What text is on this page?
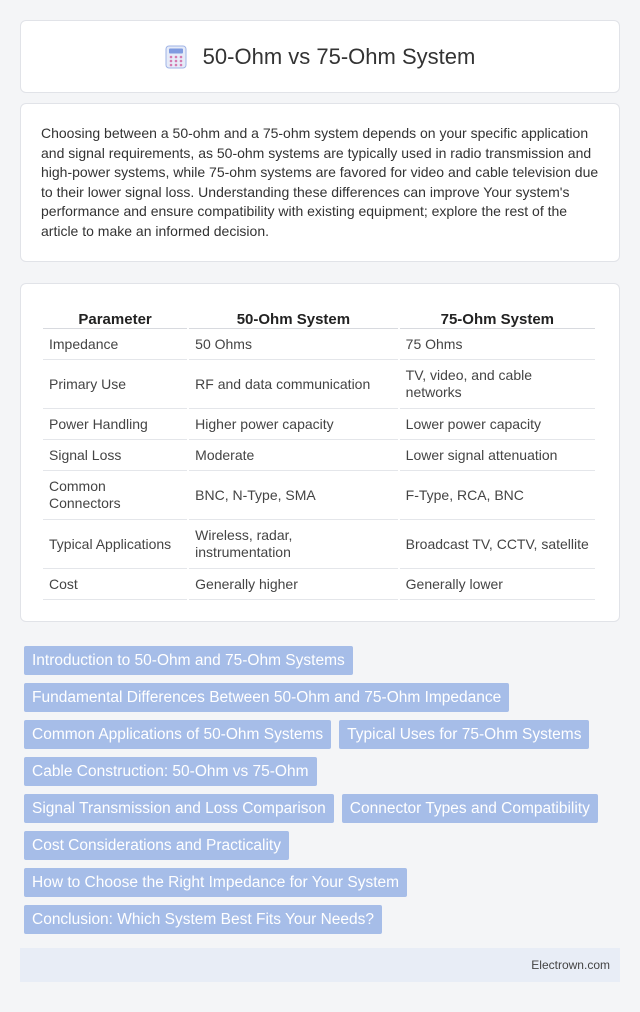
50-Ohm vs 75-Ohm System

Choosing between a 50-ohm and a 75-ohm system depends on your specific application and signal requirements, as 50-ohm systems are typically used in radio transmission and high-power systems, while 75-ohm systems are favored for video and cable television due to their lower signal loss. Understanding these differences can improve Your system's performance and ensure compatibility with existing equipment; explore the rest of the article to make an informed decision.

Parameter	50-Ohm System	75-Ohm System
Impedance	50 Ohms	75 Ohms
Primary Use	RF and data communication	TV, video, and cable networks
Power Handling	Higher power capacity	Lower power capacity
Signal Loss	Moderate	Lower signal attenuation
Common Connectors	BNC, N-Type, SMA	F-Type, RCA, BNC
Typical Applications	Wireless, radar, instrumentation	Broadcast TV, CCTV, satellite
Cost	Generally higher	Generally lower
Introduction to 50-Ohm and 75-Ohm Systems
Fundamental Differences Between 50-Ohm and 75-Ohm Impedance
Common Applications of 50-Ohm Systems	Typical Uses for 75-Ohm Systems
Cable Construction: 50-Ohm vs 75-Ohm
Signal Transmission and Loss Comparison	Connector Types and Compatibility
Cost Considerations and Practicality
How to Choose the Right Impedance for Your System
Conclusion: Which System Best Fits Your Needs?
Electrown.com
